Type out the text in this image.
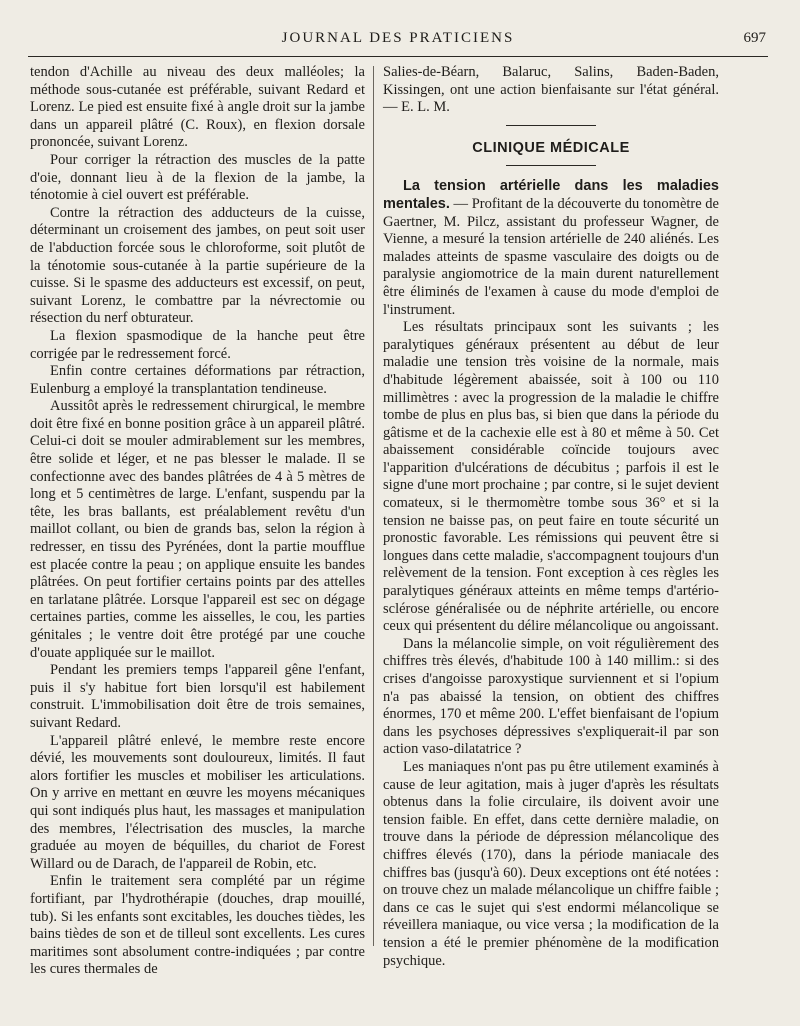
JOURNAL DES PRATICIENS	697

tendon d'Achille au niveau des deux malléoles; la méthode sous-cutanée est préférable, suivant Redard et Lorenz. Le pied est ensuite fixé à angle droit sur la jambe dans un appareil plâtré (C. Roux), en flexion dorsale prononcée, suivant Lorenz.

Pour corriger la rétraction des muscles de la patte d'oie, donnant lieu à de la flexion de la jambe, la ténotomie à ciel ouvert est préférable.

Contre la rétraction des adducteurs de la cuisse, déterminant un croisement des jambes, on peut soit user de l'abduction forcée sous le chloroforme, soit plutôt de la ténotomie sous-cutanée à la partie supérieure de la cuisse. Si le spasme des adducteurs est excessif, on peut, suivant Lorenz, le combattre par la névrectomie ou résection du nerf obturateur.

La flexion spasmodique de la hanche peut être corrigée par le redressement forcé.

Enfin contre certaines déformations par rétraction, Eulenburg a employé la transplantation tendineuse.

Aussitôt après le redressement chirurgical, le membre doit être fixé en bonne position grâce à un appareil plâtré. Celui-ci doit se mouler admirablement sur les membres, être solide et léger, et ne pas blesser le malade. Il se confectionne avec des bandes plâtrées de 4 à 5 mètres de long et 5 centimètres de large. L'enfant, suspendu par la tête, les bras ballants, est préalablement revêtu d'un maillot collant, ou bien de grands bas, selon la région à redresser, en tissu des Pyrénées, dont la partie moufflue est placée contre la peau ; on applique ensuite les bandes plâtrées. On peut fortifier certains points par des attelles en tarlatane plâtrée. Lorsque l'appareil est sec on dégage certaines parties, comme les aisselles, le cou, les parties génitales ; le ventre doit être protégé par une couche d'ouate appliquée sur le maillot.

Pendant les premiers temps l'appareil gêne l'enfant, puis il s'y habitue fort bien lorsqu'il est habilement construit. L'immobilisation doit être de trois semaines, suivant Redard.

L'appareil plâtré enlevé, le membre reste encore dévié, les mouvements sont douloureux, limités. Il faut alors fortifier les muscles et mobiliser les articulations. On y arrive en mettant en œuvre les moyens mécaniques qui sont indiqués plus haut, les massages et manipulation des membres, l'électrisation des muscles, la marche graduée au moyen de béquilles, du chariot de Forest Willard ou de Darach, de l'appareil de Robin, etc.

Enfin le traitement sera complété par un régime fortifiant, par l'hydrothérapie (douches, drap mouillé, tub). Si les enfants sont excitables, les douches tièdes, les bains tièdes de son et de tilleul sont excellents. Les cures maritimes sont absolument contre-indiquées ; par contre les cures thermales de

Salies-de-Béarn, Balaruc, Salins, Baden-Baden, Kissingen, ont une action bienfaisante sur l'état général. — E. L. M.

CLINIQUE MÉDICALE

La tension artérielle dans les maladies mentales. — Profitant de la découverte du tonomètre de Gaertner, M. Pilcz, assistant du professeur Wagner, de Vienne, a mesuré la tension artérielle de 240 aliénés. Les malades atteints de spasme vasculaire des doigts ou de paralysie angiomotrice de la main durent naturellement être éliminés de l'examen à cause du mode d'emploi de l'instrument.

Les résultats principaux sont les suivants ; les paralytiques généraux présentent au début de leur maladie une tension très voisine de la normale, mais d'habitude légèrement abaissée, soit à 100 ou 110 millimètres : avec la progression de la maladie le chiffre tombe de plus en plus bas, si bien que dans la période du gâtisme et de la cachexie elle est à 80 et même à 50. Cet abaissement considérable coïncide toujours avec l'apparition d'ulcérations de décubitus ; parfois il est le signe d'une mort prochaine ; par contre, si le sujet devient comateux, si le thermomètre tombe sous 36° et si la tension ne baisse pas, on peut faire en toute sécurité un pronostic favorable. Les rémissions qui peuvent être si longues dans cette maladie, s'accompagnent toujours d'un relèvement de la tension. Font exception à ces règles les paralytiques généraux atteints en même temps d'artério-sclérose généralisée ou de néphrite artérielle, ou encore ceux qui présentent du délire mélancolique ou angoissant.

Dans la mélancolie simple, on voit régulièrement des chiffres très élevés, d'habitude 100 à 140 millim.: si des crises d'angoisse paroxystique surviennent et si l'opium n'a pas abaissé la tension, on obtient des chiffres énormes, 170 et même 200. L'effet bienfaisant de l'opium dans les psychoses dépressives s'expliquerait-il par son action vaso-dilatatrice ?

Les maniaques n'ont pas pu être utilement examinés à cause de leur agitation, mais à juger d'après les résultats obtenus dans la folie circulaire, ils doivent avoir une tension faible. En effet, dans cette dernière maladie, on trouve dans la période de dépression mélancolique des chiffres élevés (170), dans la période maniacale des chiffres bas (jusqu'à 60). Deux exceptions ont été notées : on trouve chez un malade mélancolique un chiffre faible ; dans ce cas le sujet qui s'est endormi mélancolique se réveillera maniaque, ou vice versa ; la modification de la tension a été le premier phénomène de la modification psychique.
